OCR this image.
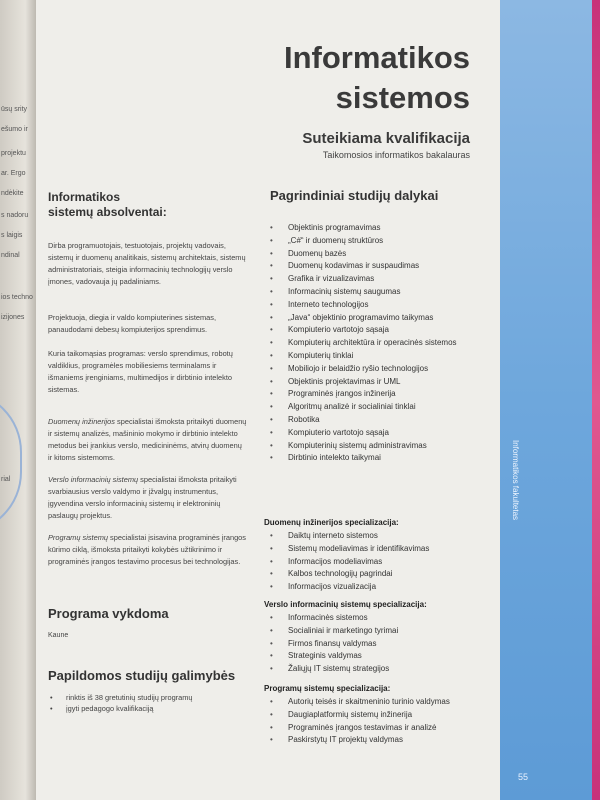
ūsų srity
ešumo ir
projektu
ar. Ergo
ndėkite
s nadoru
s laigis
ndinal
ios techno
izijones
rial
55
Informatikos
sistemos
Suteikiama kvalifikacija
Taikomosios informatikos bakalauras
Informatikos
sistemų absolventai:
Dirba programuotojais, testuotojais, projektų vadovais, sistemų ir duomenų analitikais, sistemų architektais, sistemų administratoriais, steigia informacinių technologijų verslo įmones, vadovauja jų padaliniams.
Projektuoja, diegia ir valdo kompiuterines sistemas, panaudodami debesų kompiuterijos sprendimus.
Kuria taikomąsias programas: verslo sprendimus, robotų valdiklius, programėles mobiliesiems terminalams ir išmaniems įrenginiams, multimedijos ir dirbtinio intelekto sistemas.
Duomenų inžinerijos specialistai išmoksta pritaikyti duomenų ir sistemų analizės, mašininio mokymo ir dirbtinio intelekto metodus bei įrankius verslo, medicininėms, atvirų duomenų ir kitoms sistemoms.
Verslo informacinių sistemų specialistai išmoksta pritaikyti svarbiausius verslo valdymo ir įžvalgų instrumentus, įgyvendina verslo informacinių sistemų ir elektroninių paslaugų projektus.
Programų sistemų specialistai įsisavina programinės įrangos kūrimo ciklą, išmoksta pritaikyti kokybės užtikrinimo ir programinės įrangos testavimo procesus bei technologijas.
Programa vykdoma
Kaune
Papildomos studijų galimybės
• rinktis iš 38 gretutinių studijų programų
• įgyti pedagogo kvalifikaciją
Pagrindiniai studijų dalykai
• Objektinis programavimas
• „C#“ ir duomenų struktūros
• Duomenų bazės
• Duomenų kodavimas ir suspaudimas
• Grafika ir vizualizavimas
• Informacinių sistemų saugumas
• Interneto technologijos
• „Java“ objektinio programavimo taikymas
• Kompiuterio vartotojo sąsaja
• Kompiuterių architektūra ir operacinės sistemos
• Kompiuterių tinklai
• Mobiliojo ir belaidžio ryšio technologijos
• Objektinis projektavimas ir UML
• Programinės įrangos inžinerija
• Algoritmų analizė ir socialiniai tinklai
• Robotika
• Kompiuterio vartotojo sąsaja
• Kompiuterinių sistemų administravimas
• Dirbtinio intelekto taikymai
Duomenų inžinerijos specializacija:
• Daiktų interneto sistemos
• Sistemų modeliavimas ir identifikavimas
• Informacijos modeliavimas
• Kalbos technologijų pagrindai
• Informacijos vizualizacija
Verslo informacinių sistemų specializacija:
• Informacinės sistemos
• Socialiniai ir marketingo tyrimai
• Firmos finansų valdymas
• Strateginis valdymas
• Žaliųjų IT sistemų strategijos
Programų sistemų specializacija:
• Autorių teisės ir skaitmeninio turinio valdymas
• Daugiaplatformių sistemų inžinerija
• Programinės įrangos testavimas ir analizė
• Paskirstytų IT projektų valdymas
